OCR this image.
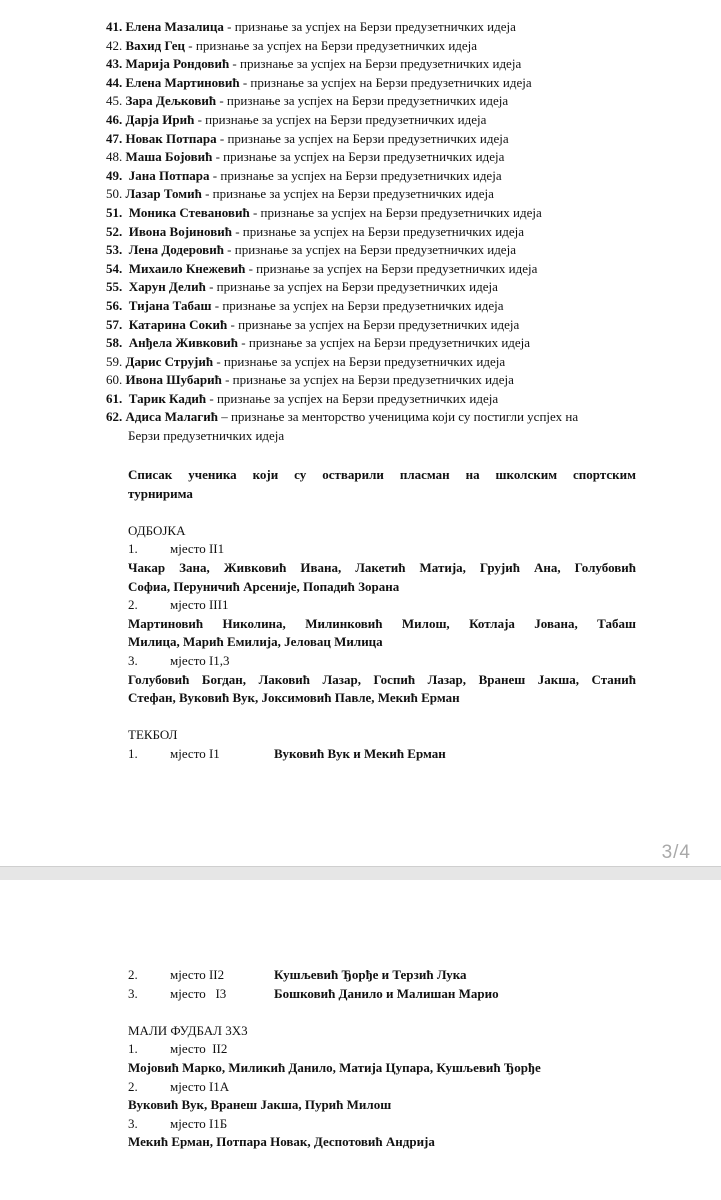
41. Елена Мазалица - признање за успјех на Берзи предузетничких идеја
42. Вахид Гец - признање за успјех на Берзи предузетничких идеја
43. Марија Рондовић - признање за успјех на Берзи предузетничких идеја
44. Елена Мартиновић - признање за успјех на Берзи предузетничких идеја
45. Зара Дељковић - признање за успјех на Берзи предузетничких идеја
46. Дарја Ирић - признање за успјех на Берзи предузетничких идеја
47. Новак Потпара - признање за успјех на Берзи предузетничких идеја
48. Маша Бојовић - признање за успјех на Берзи предузетничких идеја
49.  Јана Потпара - признање за успјех на Берзи предузетничких идеја
50. Лазар Томић - признање за успјех на Берзи предузетничких идеја
51.  Моника Стевановић - признање за успјех на Берзи предузетничких идеја
52.  Ивона Војиновић - признање за успјех на Берзи предузетничких идеја
53.  Лена Додеровић - признање за успјех на Берзи предузетничких идеја
54.  Михаило Кнежевић - признање за успјех на Берзи предузетничких идеја
55.  Харун Делић - признање за успјех на Берзи предузетничких идеја
56.  Тијана Табаш - признање за успјех на Берзи предузетничких идеја
57.  Катарина Сокић - признање за успјех на Берзи предузетничких идеја
58.  Анђела Живковић - признање за успјех на Берзи предузетничких идеја
59. Дарис Струјић - признање за успјех на Берзи предузетничких идеја
60. Ивона Шубарић - признање за успјех на Берзи предузетничких идеја
61.  Тарик Кадић - признање за успјех на Берзи предузетничких идеја
62. Адиса Малагић – признање за менторство ученицима који су постигли успјех на
Берзи предузетничких идеја
Списак ученика који су остварили пласман на школским спортским
турнирима
ОДБОЈКА
1.	мјесто II1
Чакар Зана, Живковић Ивана, Лакетић Матија, Грујић Ана, Голубовић
Софиа, Перуничић Арсеније, Попадић Зорана
2.	мјесто III1
Мартиновић Николина, Милинковић Милош, Котлаја Јована, Табаш
Милица, Марић Емилија, Јеловац Милица
3.	мјесто I1,3
Голубовић Богдан, Лаковић Лазар, Госпић Лазар, Вранеш Јакша, Станић
Стефан, Вуковић Вук, Јоксимовић Павле, Мекић Ерман
ТЕКБОЛ
1.	мјесто I1	Вуковић Вук и Мекић Ерман
3/4
2.	мјесто II2	Кушљевић Ђорђе и Терзић Лука
3.	мјесто   I3	Бошковић Данило и Малишан Марио
МАЛИ ФУДБАЛ 3Х3
1.	мјесто  II2
Мојовић Марко, Миликић Данило, Матија Цупара, Кушљевић Ђорђе
2.	мјесто I1A
Вуковић Вук, Вранеш Јакша, Пурић Милош
3.	мјесто I1Б
Мекић Ерман, Потпара Новак, Деспотовић Андрија
